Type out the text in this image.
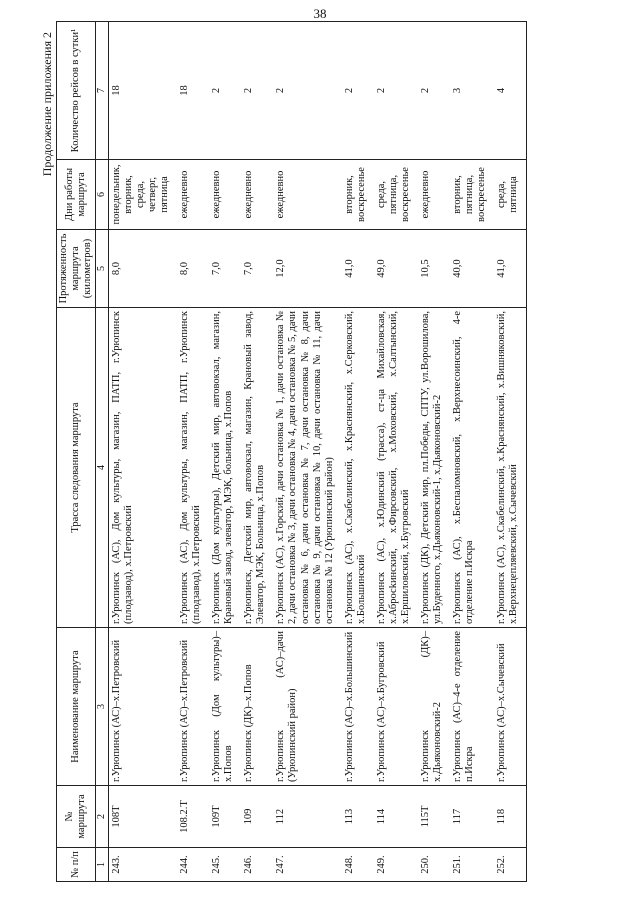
38
Продолжение приложения 2
№ п/п	№ маршрута	Наименование маршрута	Трасса следования маршрута	Протяженность маршрута (километров)	Дни работы маршрута	Количество рейсов в сутки¹
1	2	3	4	5	6	7
243.	108Т	г.Урюпинск (АС)–х.Петровский	г.Урюпинск (АС), Дом культуры, магазин, ПАТП, г.Урюпинск (плодзавод), х.Петровский	8,0	понедельник, вторник, среда, четверг, пятница	18
244.	108.2.Т	г.Урюпинск (АС)–х.Петровский	г.Урюпинск (АС), Дом культуры, магазин, ПАТП, г.Урюпинск (плодзавод), х.Петровский	8,0	ежедневно	18
245.	109Т	г.Урюпинск (Дом культуры)–х.Попов	г.Урюпинск (Дом культуры), Детский мир, автовокзал, магазин, Крановый завод, элеватор, МЭК, больница, х.Попов	7,0	ежедневно	2
246.	109	г.Урюпинск (ДК)–х.Попов	г.Урюпинск, Детский мир, автовокзал, магазин, Крановый завод, Элеватор, МЭК, Больница, х.Попов	7,0	ежедневно	2
247.	112	г.Урюпинск (АС)–дачи (Урюпинский район)	г.Урюпинск (АС), х.Горский, дачи остановка № 1, дачи остановка № 2, дачи остановка № 3, дачи остановка № 4, дачи остановка № 5, дачи остановка № 6, дачи остановка № 7, дачи остановка № 8, дачи остановка № 9, дачи остановка № 10, дачи остановка № 11, дачи остановка № 12 (Урюпинский район)	12,0	ежедневно	2
248.	113	г.Урюпинск (АС)–х.Большинский	г.Урюпинск (АС), х.Скабелинский, х.Краснянский, х.Серковский, х.Большинский	41,0	вторник, воскресенье	2
249.	114	г.Урюпинск (АС)–х.Бугровский	г.Урюпинск (АС), х.Юдинский (трасса), ст-ца Михайловская, х.Абросkинский, х.Фирсовский, х.Моховский, х.Салтынский, х.Ершиловский, х.Бугровский	49,0	среда, пятница, воскресенье	2
250.	115Т	г.Урюпинск (ДК)–х.Дьяконовский-2	г.Урюпинск (ДК), Детский мир, пл.Победы, СПТУ, ул.Ворошилова, ул.Буденного, х.Дьяконовский-1, х.Дьяконовский-2	10,5	ежедневно	2
251.	117	г.Урюпинск (АС)–4-е отделение п.Искра	г.Урюпинск (АС), х.Беспаломновский, х.Верхнесоинский, 4-е отделение п.Искра	40,0	вторник, пятница, воскресенье	3
252.	118	г.Урюпинск (АС)–х.Сычевский	г.Урюпинск (АС), х.Скабелинский, х.Краснянский, х.Вишняковский, х.Верхнецепляевский, х.Сычевский	41,0	среда, пятница	4
